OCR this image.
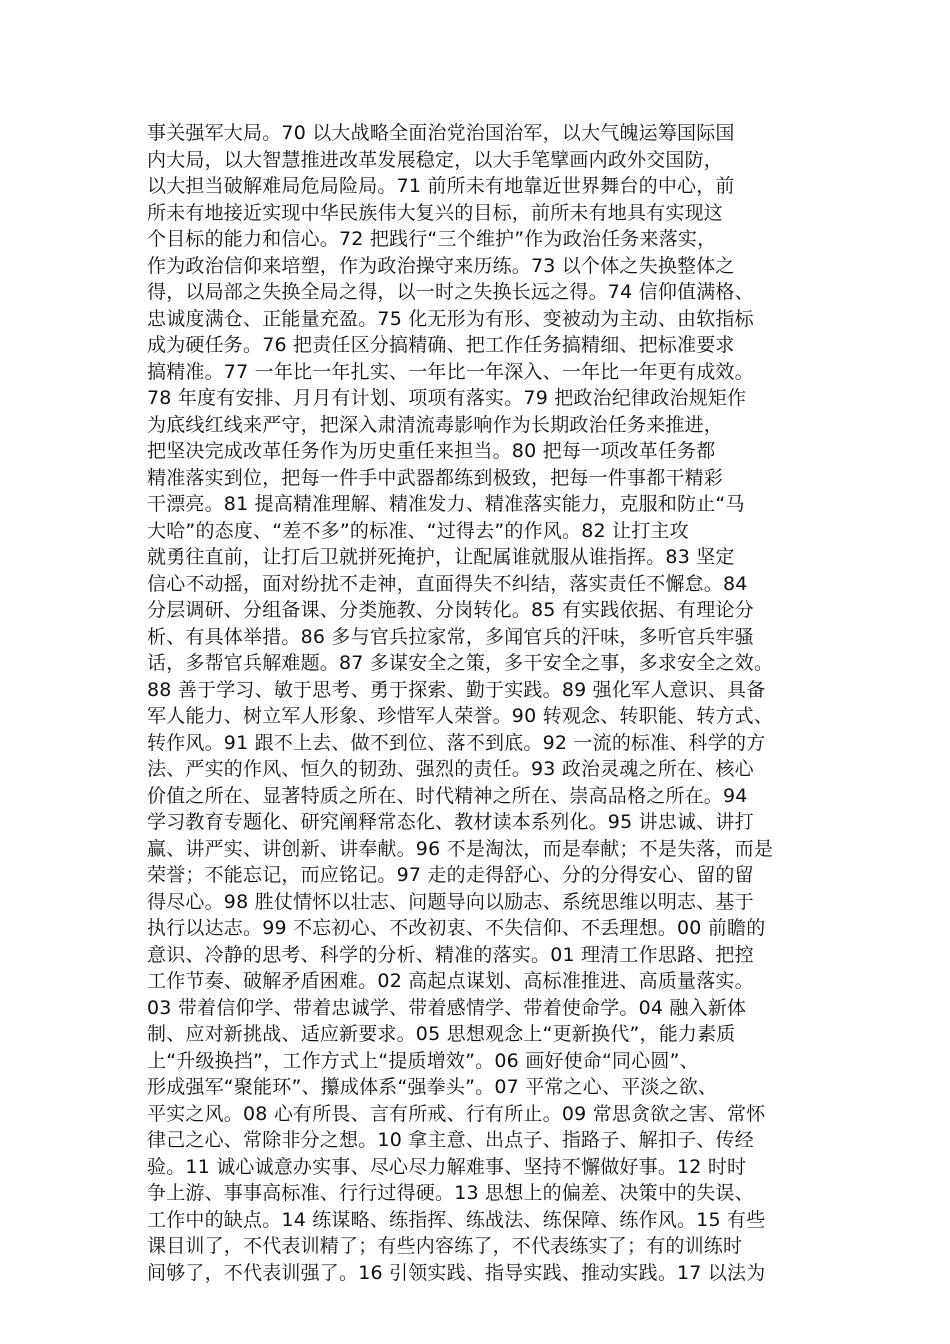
事关强军大局。70 以大战略全面治党治国治军，以大气魄运筹国际国
内大局，以大智慧推进改革发展稳定，以大手笔擘画内政外交国防，
以大担当破解难局危局险局。71 前所未有地靠近世界舞台的中心，前
所未有地接近实现中华民族伟大复兴的目标，前所未有地具有实现这
个目标的能力和信心。72 把践行“三个维护”作为政治任务来落实，
作为政治信仰来培塑，作为政治操守来历练。73 以个体之失换整体之
得，以局部之失换全局之得，以一时之失换长远之得。74 信仰值满格、
忠诚度满仓、正能量充盈。75 化无形为有形、变被动为主动、由软指标
成为硬任务。76 把责任区分搞精确、把工作任务搞精细、把标准要求
搞精准。77 一年比一年扎实、一年比一年深入、一年比一年更有成效。
78 年度有安排、月月有计划、项项有落实。79 把政治纪律政治规矩作
为底线红线来严守，把深入肃清流毒影响作为长期政治任务来推进，
把坚决完成改革任务作为历史重任来担当。80 把每一项改革任务都
精准落实到位，把每一件手中武器都练到极致，把每一件事都干精彩
干漂亮。81 提高精准理解、精准发力、精准落实能力，克服和防止“马
大哈”的态度、“差不多”的标准、“过得去”的作风。82 让打主攻
就勇往直前，让打后卫就拼死掩护，让配属谁就服从谁指挥。83 坚定
信心不动摇，面对纷扰不走神，直面得失不纠结，落实责任不懈怠。84
分层调研、分组备课、分类施教、分岗转化。85 有实践依据、有理论分
析、有具体举措。86 多与官兵拉家常，多闻官兵的汗味，多听官兵牢骚
话，多帮官兵解难题。87 多谋安全之策，多干安全之事，多求安全之效。
88 善于学习、敏于思考、勇于探索、勤于实践。89 强化军人意识、具备
军人能力、树立军人形象、珍惜军人荣誉。90 转观念、转职能、转方式、
转作风。91 跟不上去、做不到位、落不到底。92 一流的标准、科学的方
法、严实的作风、恒久的韧劲、强烈的责任。93 政治灵魂之所在、核心
价值之所在、显著特质之所在、时代精神之所在、崇高品格之所在。94
学习教育专题化、研究阐释常态化、教材读本系列化。95 讲忠诚、讲打
赢、讲严实、讲创新、讲奉献。96 不是淘汰，而是奉献；不是失落，而是
荣誉；不能忘记，而应铭记。97 走的走得舒心、分的分得安心、留的留
得尽心。98 胜仗情怀以壮志、问题导向以励志、系统思维以明志、基于
执行以达志。99 不忘初心、不改初衷、不失信仰、不丢理想。00 前瞻的
意识、冷静的思考、科学的分析、精准的落实。01 理清工作思路、把控
工作节奏、破解矛盾困难。02 高起点谋划、高标准推进、高质量落实。
03 带着信仰学、带着忠诚学、带着感情学、带着使命学。04 融入新体
制、应对新挑战、适应新要求。05 思想观念上“更新换代”，能力素质
上“升级换挡”，工作方式上“提质增效”。06 画好使命“同心圆”、
形成强军“聚能环”、攥成体系“强拳头”。07 平常之心、平淡之欲、
平实之风。08 心有所畏、言有所戒、行有所止。09 常思贪欲之害、常怀
律己之心、常除非分之想。10 拿主意、出点子、指路子、解扣子、传经
验。11 诚心诚意办实事、尽心尽力解难事、坚持不懈做好事。12 时时
争上游、事事高标准、行行过得硬。13 思想上的偏差、决策中的失误、
工作中的缺点。14 练谋略、练指挥、练战法、练保障、练作风。15 有些
课目训了，不代表训精了；有些内容练了，不代表练实了；有的训练时
间够了，不代表训强了。16 引领实践、指导实践、推动实践。17 以法为
